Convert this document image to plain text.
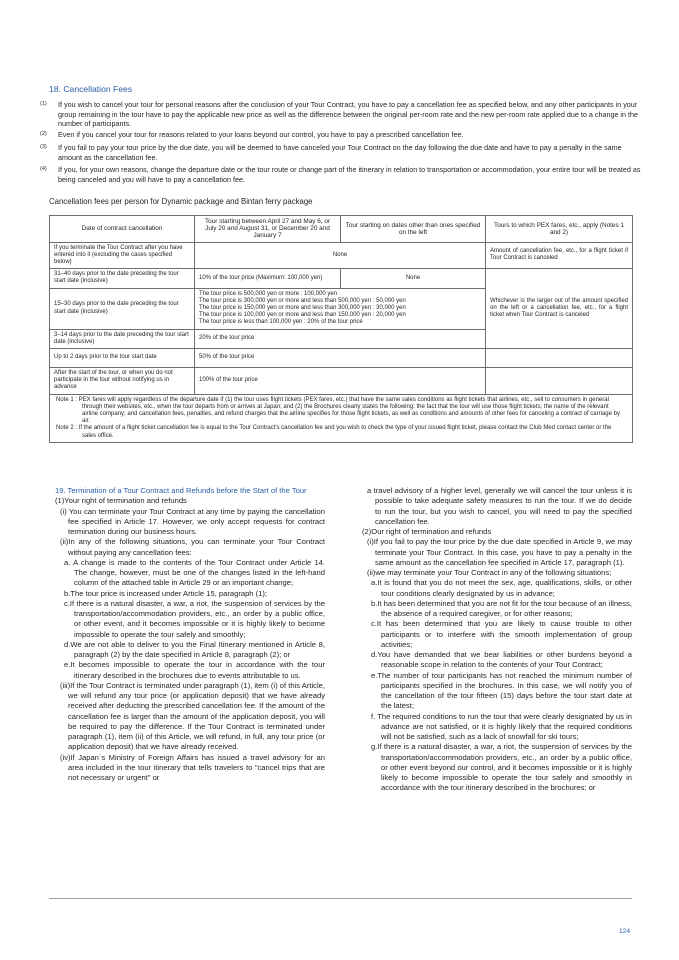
18. Cancellation Fees
(1) If you wish to cancel your tour for personal reasons after the conclusion of your Tour Contract, you have to pay a cancellation fee as specified below, and any other participants in your group remaining in the tour have to pay the applicable new price as well as the difference between the original per-room rate and the new per-room rate applied due to a change in the number of participants.
(2) Even if you cancel your tour for reasons related to your loans beyond our control, you have to pay a prescribed cancellation fee.
(3) If you fail to pay your tour price by the due date, you will be deemed to have canceled your Tour Contract on the day following the due date and have to pay a penalty in the same amount as the cancellation fee.
(4) If you, for your own reasons, change the departure date or the tour route or change part of the itinerary in relation to transportation or accommodation, your entire tour will be treated as being canceled and you will have to pay a cancellation fee.
Cancellation fees per person for Dynamic package and Bintan ferry package
Date of contract cancellation	Tour starting between April 27 and May 6, or July 20 and August 31, or December 20 and January 7	Tour starting on dates other than ones specified on the left	Tours to which PEX fares, etc., apply (Notes 1 and 2)
If you terminate the Tour Contract after you have entered into it (excluding the cases specified below)	None		Amount of cancellation fee, etc., for a flight ticket if Tour Contract is canceled
31–40 days prior to the date preceding the tour start date (inclusive)	10% of the tour price (Maximum: 100,000 yen)	None	Whichever is the larger out of the amount specified on the left or a cancellation fee, etc., for a flight ticket when Tour Contract is canceled
15–30 days prior to the date preceding the tour start date (inclusive)	The tour price is 500,000 yen or more : 100,000 yen
The tour price is 300,000 yen or more and less than 500,000 yen : 50,000 yen
The tour price is 150,000 yen or more and less than 300,000 yen : 30,000 yen
The tour price is 100,000 yen or more and less than 150,000 yen : 20,000 yen
The tour price is less than 100,000 yen : 20% of the tour price		

3–14 days prior to the date preceding the tour start date (inclusive)	20% of the tour price		
Up to 2 days prior to the tour start date	50% of the tour price		
After the start of the tour, or when you do not participate in the tour without notifying us in advance	100% of the tour price		

Note 1 : PEX fares will apply regardless of the departure date if (1) the tour uses flight tickets (PEX fares, etc.) that have the same sales conditions as flight tickets that airlines, etc., sell to consumers in general through their websites, etc., when the tour departs from or arrives at Japan; and (2) the Brochures clearly states the following: the fact that the tour will use those flight tickets; the name of the relevant airline company; and cancellation fees, penalties, and refund charges that the airline specifies for those flight tickets, as well as conditions and amounts of other fees for canceling a contract of carriage by air.
Note 2 : If the amount of a flight ticket cancellation fee is equal to the Tour Contract's cancellation fee and you wish to check the type of your issued flight ticket, please contact the Club Med contact center or the sales office.			
19. Termination of a Tour Contract and Refunds before the Start of the Tour
(1)Your right of termination and refunds
(i) You can terminate your Tour Contract at any time by paying the cancellation fee specified in Article 17. However, we only accept requests for contract termination during our business hours.
(ii)In any of the following situations, you can terminate your Tour Contract without paying any cancellation fees:
a. A change is made to the contents of the Tour Contract under Article 14. The change, however, must be one of the changes listed in the left-hand column of the attached table in Article 29 or an important change;
b.The tour price is increased under Article 15, paragraph (1);
c.If there is a natural disaster, a war, a riot, the suspension of services by the transportation/accommodation providers, etc., an order by a public office, or other event, and it becomes impossible or it is highly likely to become impossible to operate the tour safely and smoothly;
d.We are not able to deliver to you the Final Itinerary mentioned in Article 8, paragraph (2) by the date specified in Article 8, paragraph (2); or
e.It becomes impossible to operate the tour in accordance with the tour itinerary described in the brochures due to events attributable to us.
(iii)If the Tour Contract is terminated under paragraph (1), item (i) of this Article, we will refund any tour price (or application deposit) that we have already received after deducting the prescribed cancellation fee. If the amount of the cancellation fee is larger than the amount of the application deposit, you will be required to pay the difference. If the Tour Contract is terminated under paragraph (1), item (ii) of this Article, we will refund, in full, any tour price (or application deposit) that we have already received.
(iv)If Japan`s Ministry of Foreign Affairs has issued a travel advisory for an area included in the tour itinerary that tells travelers to "cancel trips that are not necessary or urgent" or
a travel advisory of a higher level, generally we will cancel the tour unless it is possible to take adequate safety measures to run the tour. If we do decide to run the tour, but you wish to cancel, you will need to pay the specified cancellation fee.
(2)Our right of termination and refunds
(i)If you fail to pay the tour price by the due date specified in Article 9, we may terminate your Tour Contract. In this case, you have to pay a penalty in the same amount as the cancellation fee specified in Article 17, paragraph (1).
(ii)we may terminate your Tour Contract in any of the following situations;
a.It is found that you do not meet the sex, age, qualifications, skills, or other tour conditions clearly designated by us in advance;
b.It has been determined that you are not fit for the tour because of an illness, the absence of a required caregiver, or for other reasons;
c.It has been determined that you are likely to cause trouble to other participants or to interfere with the smooth implementation of group activities;
d.You have demanded that we bear liabilities or other burdens beyond a reasonable scope in relation to the contents of your Tour Contract;
e.The number of tour participants has not reached the minimum number of participants specified in the brochures. In this case, we will notify you of the cancellation of the tour fifteen (15) days before the tour start date at the latest;
f. The required conditions to run the tour that were clearly designated by us in advance are not satisfied, or it is highly likely that the required conditions will not be satisfied, such as a lack of snowfall for ski tours;
g.If there is a natural disaster, a war, a riot, the suspension of services by the transportation/accommodation providers, etc., an order by a public office, or other event beyond our control, and it becomes impossible or it is highly likely to become impossible to operate the tour safely and smoothly in accordance with the tour itinerary described in the brochures; or
124
